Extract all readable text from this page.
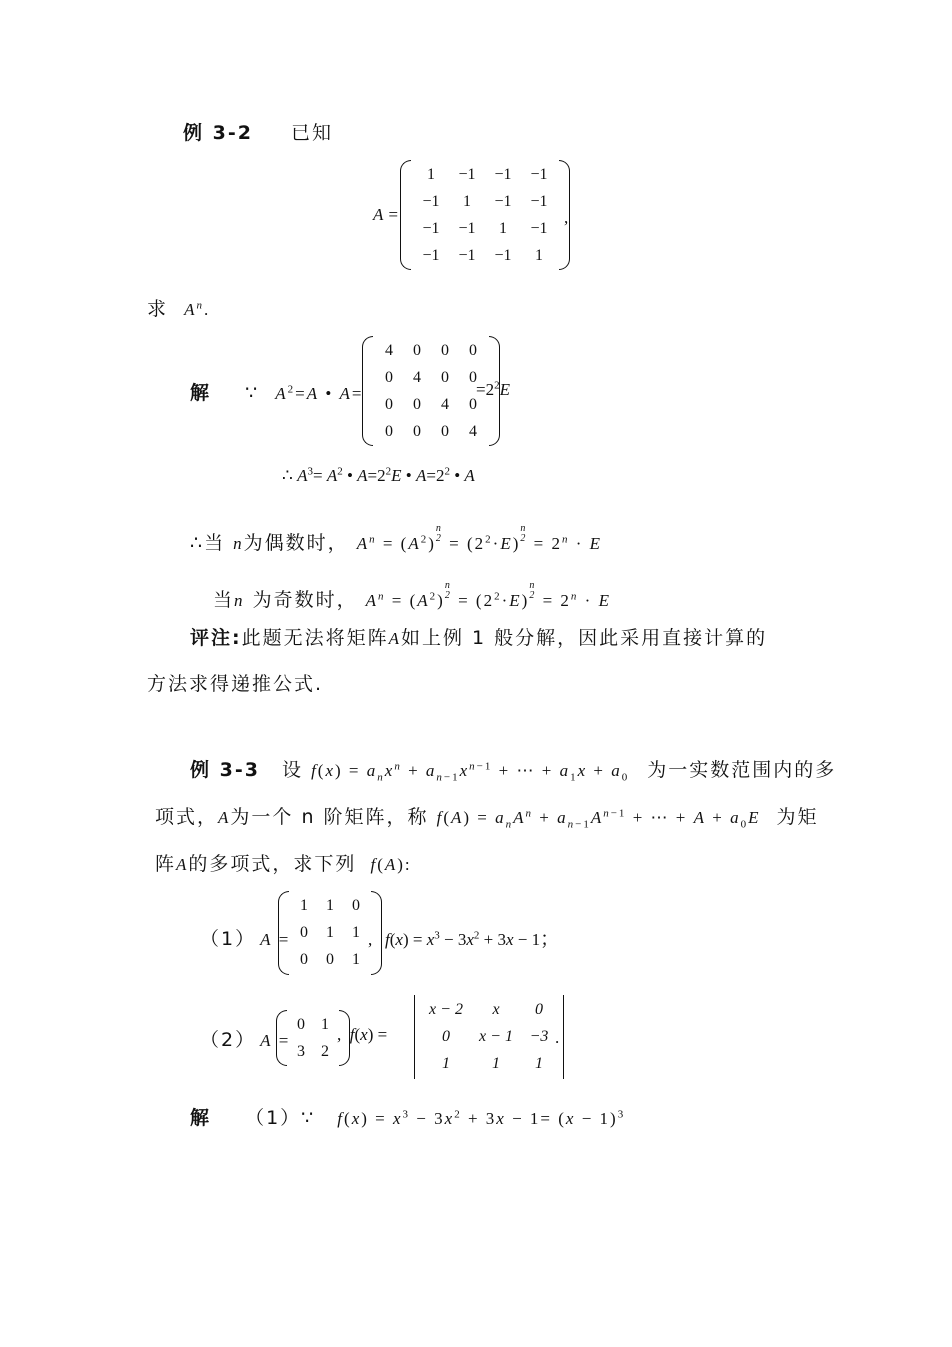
例 3-2 已知
A =
1 −1 −1 −1
−1 1 −1 −1
−1 −1 1 −1
−1 −1 −1 1
,
求 $A^n$.
解 ∵ $A^2=A$ • A=
4 0 0 0
0 4 0 0
0 0 4 0
0 0 0 4
$=2^2E$
∴ $A^3= A^2$ • $A=2^2E$ • $A=2^2$ • A
∴当 n为偶数时， $A^n = (A^2)$
n
$2 = (2^2\cdot E)$
n
$2 = 2^n \cdot E$
当n 为奇数时， $A^n = (A^2)$
n
$2 = (2^2\cdot E)$
n
$2 = 2^n \cdot E$
评注:此题无法将矩阵A如上例 1 般分解，因此采用直接计算的
方法求得递推公式.
例 3-3 设 $f(x) = a_nx^n + a_{n-1}x^{n-1}$ + ⋯ + $a_1x + a_0$ 为一实数范围内的多
项式，A为一个 n 阶矩阵，称 $f(A) = a_nA^n + a_{n-1}A^{n-1}$ + ⋯ + $A + a_0E$ 为矩
阵A的多项式，求下列 f(A):
（1） A =
1 1 0
0 1 1
0 0 1
,   $f(x) = x^3 - 3x^2 + 3x - 1$；
（2） A =
0 1
3 2
,  f(x) =
x − 2 x 0
0 x − 1 −3
1	1 1
.
解 （1）∵ $f(x) = x^3 - 3x^2 + 3x - 1= (x - 1)^3$
